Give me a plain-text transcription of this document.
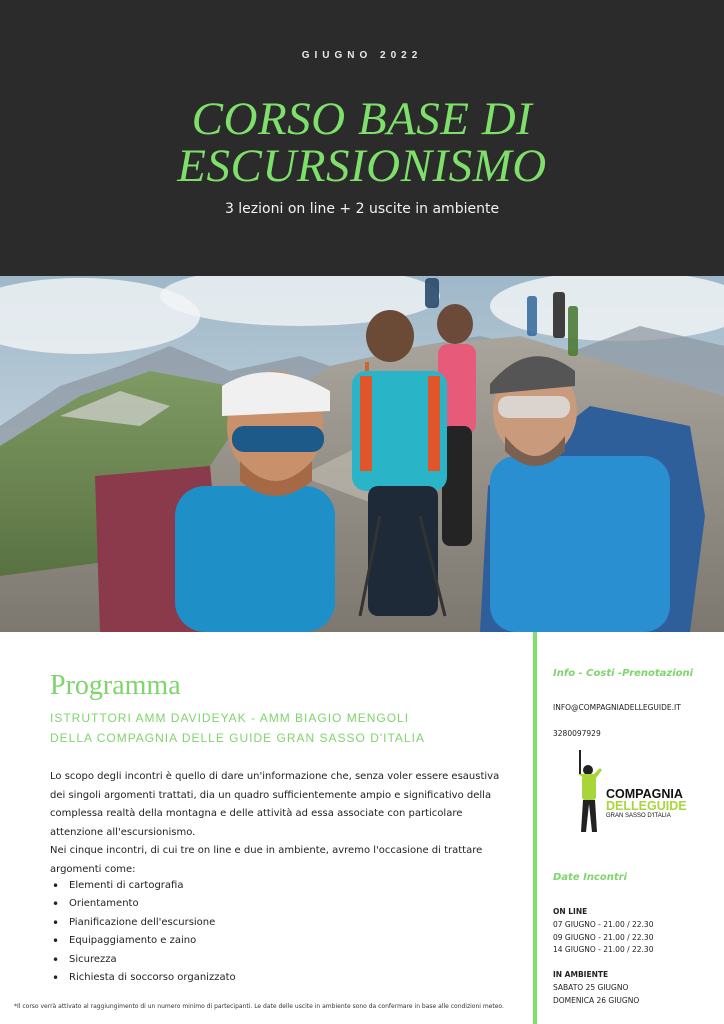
GIUGNO 2022
CORSO BASE DI
ESCURSIONISMO
3 lezioni on line + 2 uscite in ambiente
Programma
ISTRUTTORI AMM DAVIDEYAK - AMM BIAGIO MENGOLI
DELLA COMPAGNIA DELLE GUIDE GRAN SASSO D'ITALIA
Lo scopo degli incontri è quello di dare un'informazione che, senza voler essere esaustiva
dei singoli argomenti trattati, dia un quadro sufficientemente ampio e significativo della
complessa realtà della montagna e delle attività ad essa associate con particolare
attenzione all'escursionismo.
Nei cinque incontri, di cui tre on line e due in ambiente, avremo l'occasione di trattare
argomenti come:
• Elementi di cartografia
• Orientamento
• Pianificazione dell'escursione
• Equipaggiamento e zaino
• Sicurezza
• Richiesta di soccorso organizzato
*Il corso verrà attivato al raggiungimento di un numero minimo di partecipanti. Le date delle uscite in ambiente sono da confermare in base alle condizioni meteo.
Info - Costi -Prenotazioni
INFO@COMPAGNIADELLEGUIDE.IT
3280097929
COMPAGNIA
DELLEGUIDE
GRAN SASSO D'ITALIA
Date Incontri
ON LINE
07 GIUGNO - 21.00 / 22.30
09 GIUGNO - 21.00 / 22.30
14 GIUGNO - 21.00 / 22.30
IN AMBIENTE
SABATO 25 GIUGNO
DOMENICA 26 GIUGNO
